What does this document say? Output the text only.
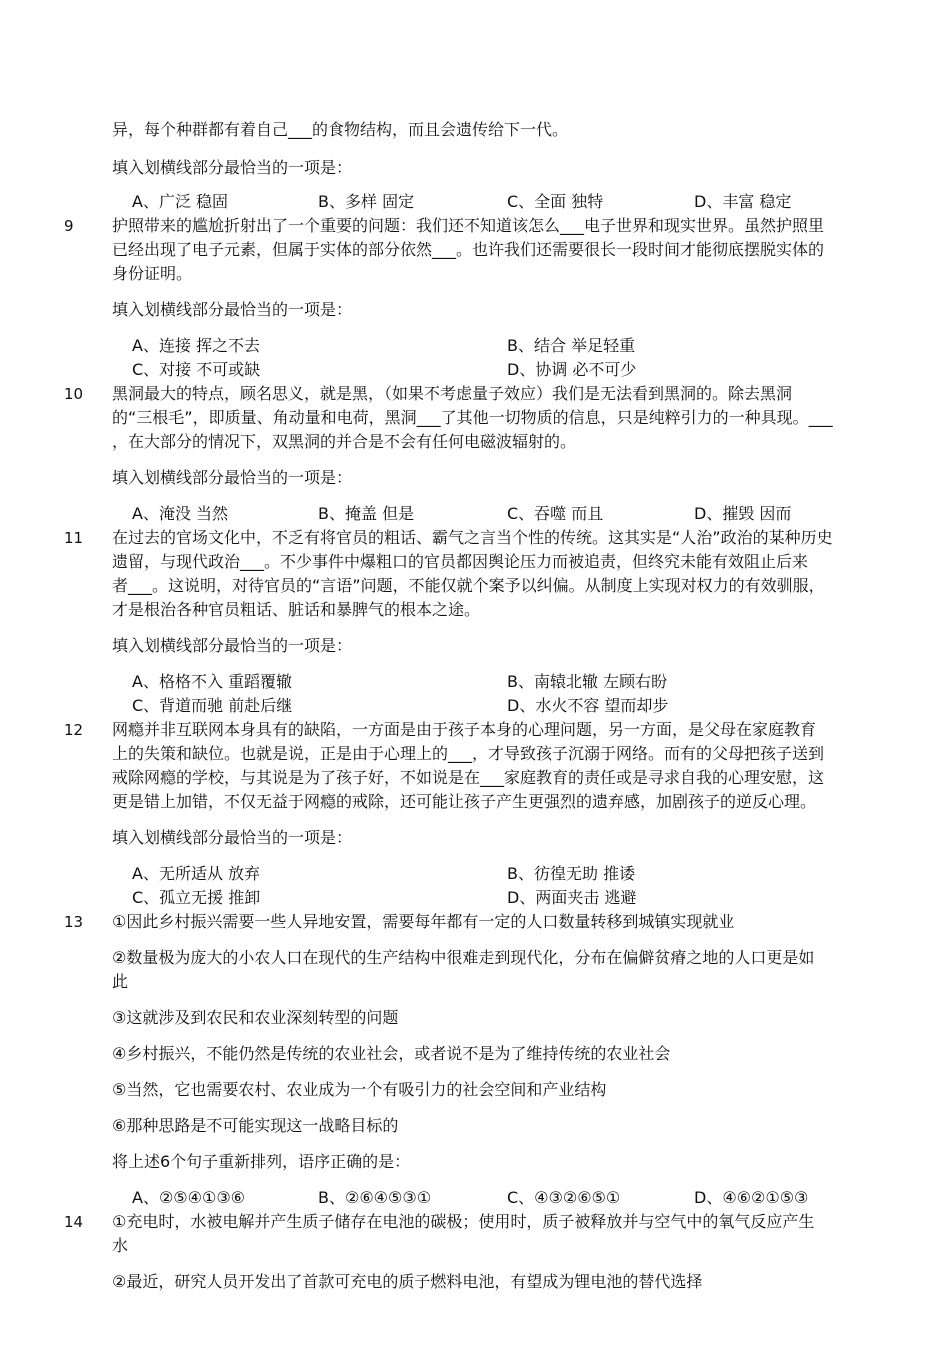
异，每个种群都有着自己___的食物结构，而且会遗传给下一代。
填入划横线部分最恰当的一项是：
A、广泛 稳固	B、多样 固定	C、全面 独特	D、丰富 稳定
9 护照带来的尴尬折射出了一个重要的问题：我们还不知道该怎么___电子世界和现实世界。虽然护照里
已经出现了电子元素，但属于实体的部分依然___。也许我们还需要很长一段时间才能彻底摆脱实体的
身份证明。
填入划横线部分最恰当的一项是：
A、连接 挥之不去	B、结合 举足轻重
C、对接 不可或缺	D、协调 必不可少
10 黑洞最大的特点，顾名思义，就是黑，（如果不考虑量子效应）我们是无法看到黑洞的。除去黑洞
的“三根毛”，即质量、角动量和电荷，黑洞___了其他一切物质的信息，只是纯粹引力的一种具现。___
，在大部分的情况下，双黑洞的并合是不会有任何电磁波辐射的。
填入划横线部分最恰当的一项是：
A、淹没 当然	B、掩盖 但是	C、吞噬 而且	D、摧毁 因而
11 在过去的官场文化中，不乏有将官员的粗话、霸气之言当个性的传统。这其实是“人治”政治的某种历史
遗留，与现代政治___。不少事件中爆粗口的官员都因舆论压力而被追责，但终究未能有效阻止后来
者___。这说明，对待官员的“言语”问题，不能仅就个案予以纠偏。从制度上实现对权力的有效驯服，
才是根治各种官员粗话、脏话和暴脾气的根本之途。
填入划横线部分最恰当的一项是：
A、格格不入 重蹈覆辙	B、南辕北辙 左顾右盼
C、背道而驰 前赴后继	D、水火不容 望而却步
12 网瘾并非互联网本身具有的缺陷，一方面是由于孩子本身的心理问题，另一方面，是父母在家庭教育
上的失策和缺位。也就是说，正是由于心理上的___，才导致孩子沉溺于网络。而有的父母把孩子送到
戒除网瘾的学校，与其说是为了孩子好，不如说是在___家庭教育的责任或是寻求自我的心理安慰，这
更是错上加错，不仅无益于网瘾的戒除，还可能让孩子产生更强烈的遗弃感，加剧孩子的逆反心理。
填入划横线部分最恰当的一项是：
A、无所适从 放弃	B、彷徨无助 推诿
C、孤立无援 推卸	D、两面夹击 逃避
13 ①因此乡村振兴需要一些人异地安置，需要每年都有一定的人口数量转移到城镇实现就业
②数量极为庞大的小农人口在现代的生产结构中很难走到现代化，分布在偏僻贫瘠之地的人口更是如
此
③这就涉及到农民和农业深刻转型的问题
④乡村振兴，不能仍然是传统的农业社会，或者说不是为了维持传统的农业社会
⑤当然，它也需要农村、农业成为一个有吸引力的社会空间和产业结构
⑥那种思路是不可能实现这一战略目标的
将上述6个句子重新排列，语序正确的是：
A、②⑤④①③⑥	B、②⑥④⑤③①	C、④③②⑥⑤①	D、④⑥②①⑤③
14 ①充电时，水被电解并产生质子储存在电池的碳极；使用时，质子被释放并与空气中的氧气反应产生
水
②最近，研究人员开发出了首款可充电的质子燃料电池，有望成为锂电池的替代选择
